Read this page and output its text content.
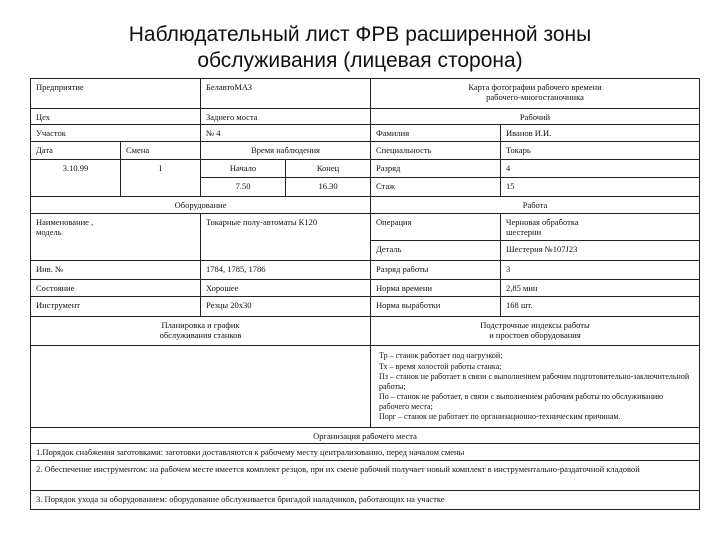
Наблюдательный лист ФРВ расширенной зоны
обслуживания (лицевая сторона)
Предприятие	БелавтоМАЗ	Карта фотографии рабочего времени
рабочего-многостаночника
Цех	Заднего моста	Рабочий
Участок	№ 4	Фамилия	Иванов И.И.
Дата	Смена	Время наблюдения	Специальность	Токарь
3.10.99	I	Начало	Конец	Разряд	4
7.50	16.30	Стаж	15
Оборудование	Работа
Наименование ,
модель
Токарные полу-автоматы К120	Операция	Черновая обработка шестерни
Деталь	Шестерня №107J23
Инв. №	1784, 1785, 1786	Разряд работы	3
Состояние	Хорошее	Норма времени	2,85 мин
Инструмент	Резцы 20х30	Норма выработки	168 шт.
Планировка и график
обслуживания станков
Подстрочные индексы работы
и простоев оборудования
Тр – станок работает под нагрузкой;
Тх – время холостой работы станка;
Пз – станок не работает в связи с выполнением рабочим подготовительно-заключительной работы;
По – станок не работает, в связи с выполнением рабочим работы по обслуживанию рабочего места;
Порг – станок не работает по организационно-техническим причинам.
Организация рабочего места
1.Порядок снабжения заготовками: заготовки доставляются к рабочему месту централизованно, перед началом смены
2. Обеспечение инструментом: на рабочем месте имеется комплект резцов, при их смене рабочий получает новый комплект в инструментально-раздаточной кладовой
3. Порядок ухода за оборудованием: оборудование обслуживается бригадой наладчиков, работающих на участке
